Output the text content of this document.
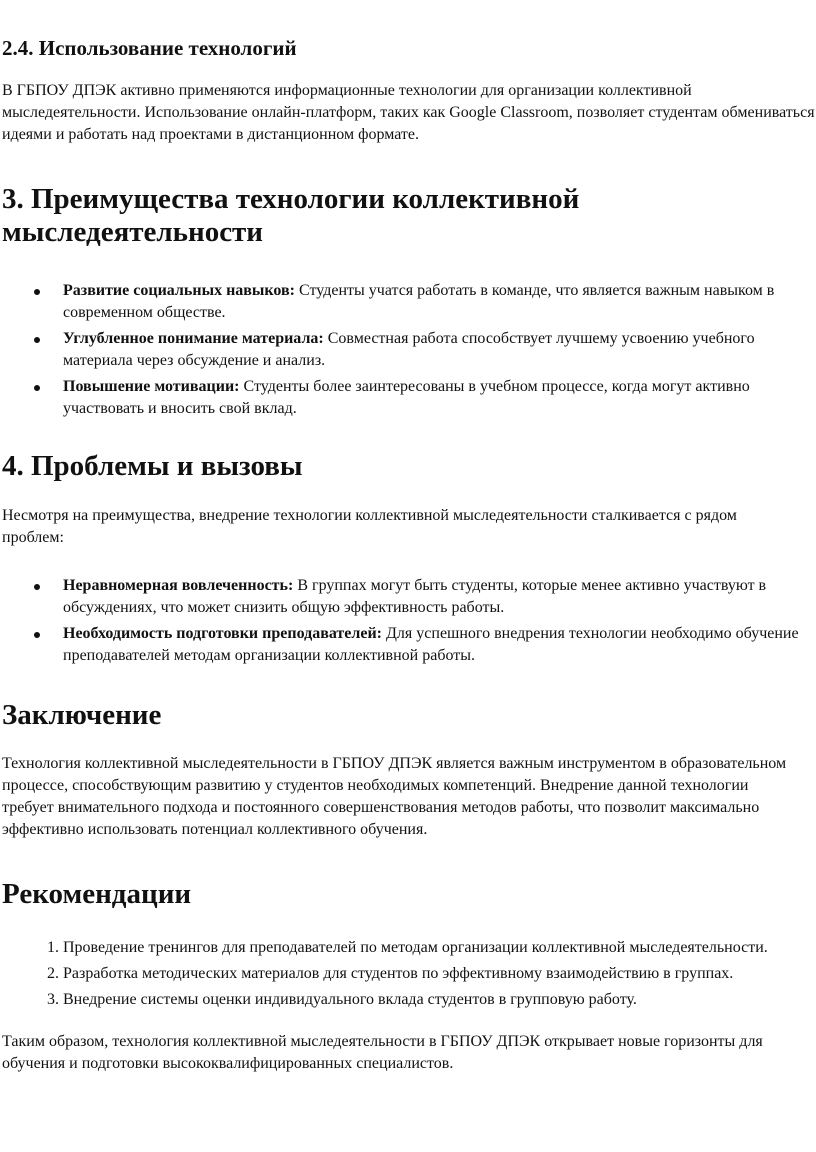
2.4. Использование технологий

В ГБПОУ ДПЭК активно применяются информационные технологии для организации коллективной мыследеятельности. Использование онлайн-платформ, таких как Google Classroom, позволяет студентам обмениваться идеями и работать над проектами в дистанционном формате.

3. Преимущества технологии коллективной мыследеятельности
Развитие социальных навыков: Студенты учатся работать в команде, что является важным навыком в современном обществе.
Углубленное понимание материала: Совместная работа способствует лучшему усвоению учебного материала через обсуждение и анализ.
Повышение мотивации: Студенты более заинтересованы в учебном процессе, когда могут активно участвовать и вносить свой вклад.
4. Проблемы и вызовы

Несмотря на преимущества, внедрение технологии коллективной мыследеятельности сталкивается с рядом проблем:

Неравномерная вовлеченность: В группах могут быть студенты, которые менее активно участвуют в обсуждениях, что может снизить общую эффективность работы.
Необходимость подготовки преподавателей: Для успешного внедрения технологии необходимо обучение преподавателей методам организации коллективной работы.
Заключение

Технология коллективной мыследеятельности в ГБПОУ ДПЭК является важным инструментом в образовательном процессе, способствующим развитию у студентов необходимых компетенций. Внедрение данной технологии требует внимательного подхода и постоянного совершенствования методов работы, что позволит максимально эффективно использовать потенциал коллективного обучения.

Рекомендации
1. Проведение тренингов для преподавателей по методам организации коллективной мыследеятельности.
2. Разработка методических материалов для студентов по эффективному взаимодействию в группах.
3. Внедрение системы оценки индивидуального вклада студентов в групповую работу.

Таким образом, технология коллективной мыследеятельности в ГБПОУ ДПЭК открывает новые горизонты для обучения и подготовки высококвалифицированных специалистов.
